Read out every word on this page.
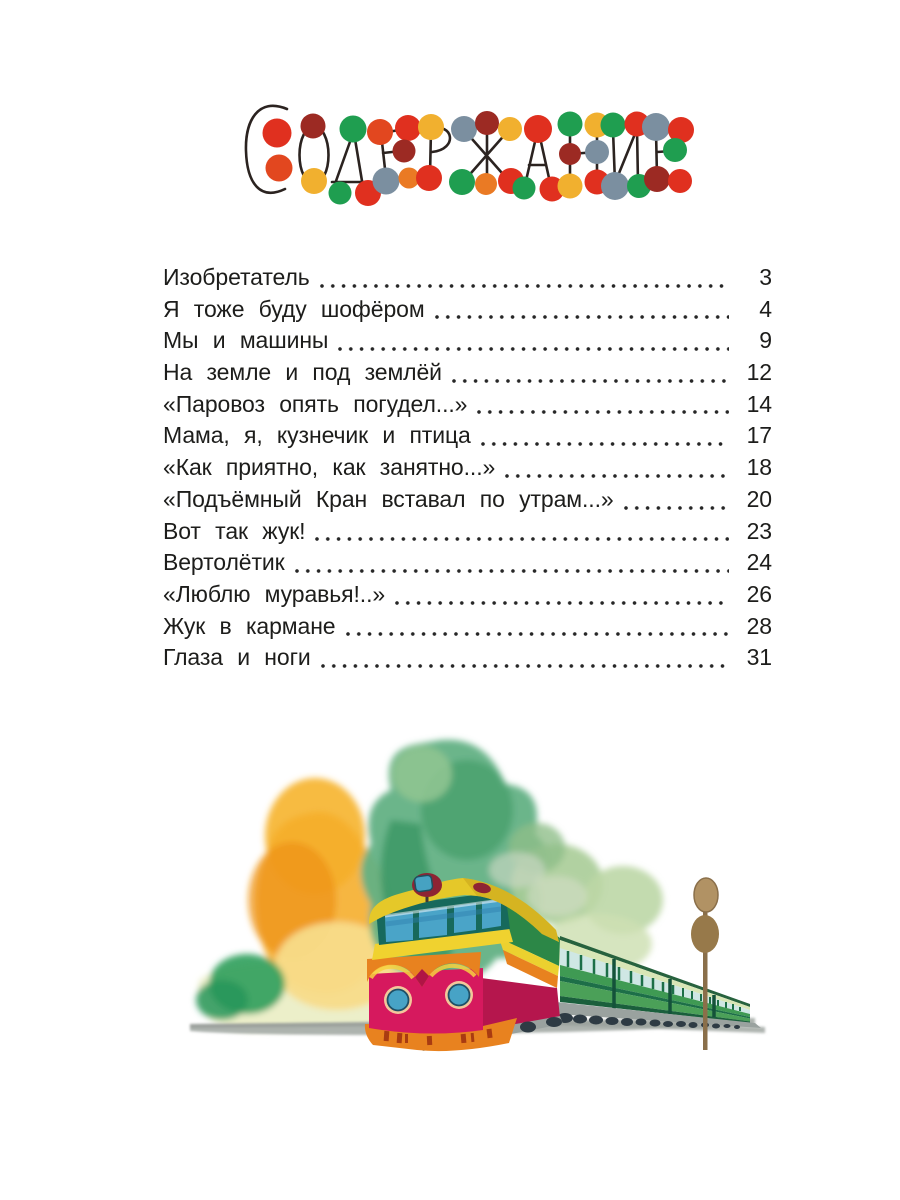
Изобретатель	3
Я тоже буду шофёром	4
Мы и машины	9
На земле и под землёй	12
«Паровоз опять погудел...»	14
Мама, я, кузнечик и птица	17
«Как приятно, как занятно...»	18
«Подъёмный Кран вставал по утрам...»	20
Вот так жук!	23
Вертолётик	24
«Люблю муравья!..»	26
Жук в кармане	28
Глаза и ноги	31
